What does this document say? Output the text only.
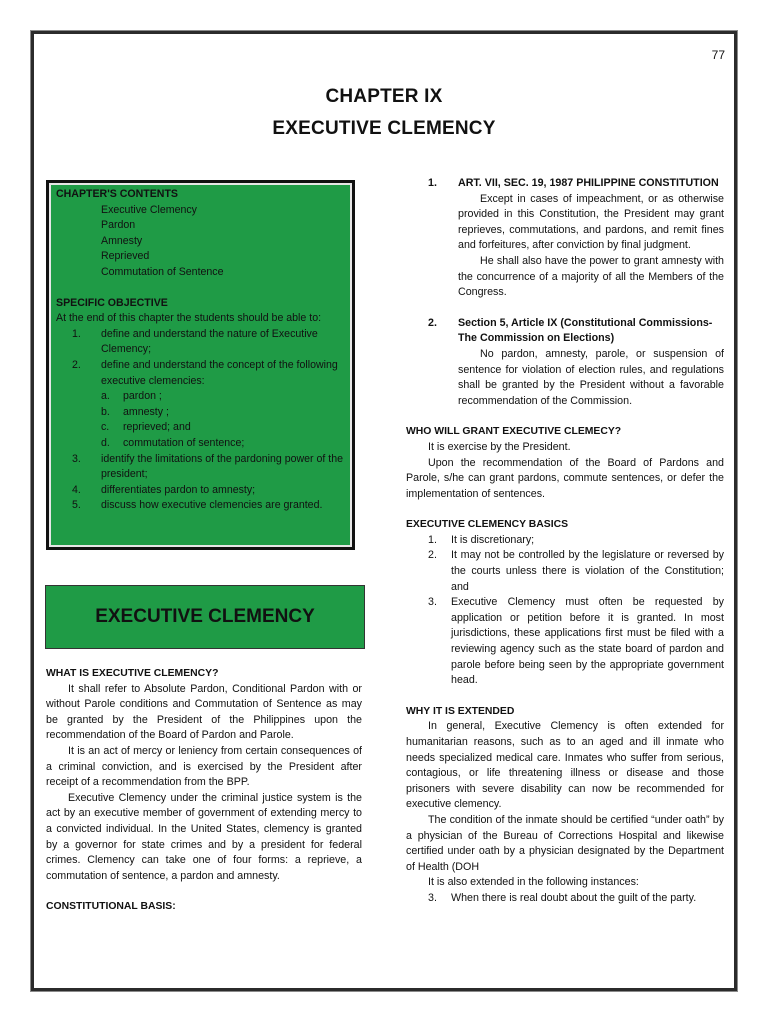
77
CHAPTER IX
EXECUTIVE CLEMENCY
CHAPTER'S CONTENTS
Executive Clemency
Pardon
Amnesty
Reprieved
Commutation of Sentence
SPECIFIC OBJECTIVE
At the end of this chapter the students should be able to:
1.	define and understand the nature of Executive Clemency;
2.	define and understand the concept of the following executive clemencies:
a.	pardon ;
b.	amnesty ;
c.	reprieved; and
d.	commutation of sentence;
3.	identify the limitations of the pardoning power of the president;
4.	differentiates pardon to amnesty;
5.	discuss how executive clemencies are granted.
EXECUTIVE CLEMENCY

WHAT IS EXECUTIVE CLEMENCY?

It shall refer to Absolute Pardon, Conditional Pardon with or without Parole conditions and Commutation of Sentence as may be granted by the President of the Philippines upon the recommendation of the Board of Pardon and Parole.

It is an act of mercy or leniency from certain consequences of a criminal conviction, and is exercised by the President after receipt of a recommendation from the BPP.

Executive Clemency under the criminal justice system is the act by an executive member of government of extending mercy to a convicted individual. In the United States, clemency is granted by a governor for state crimes and by a president for federal crimes. Clemency can take one of four forms: a reprieve, a commutation of sentence, a pardon and amnesty.

CONSTITUTIONAL BASIS:

1.	ART. VII, SEC. 19, 1987 PHILIPPINE CONSTITUTION

Except in cases of impeachment, or as otherwise provided in this Constitution, the President may grant reprieves, commutations, and pardons, and remit fines and forfeitures, after conviction by final judgment.

He shall also have the power to grant amnesty with the concurrence of a majority of all the Members of the Congress.

2.	Section 5, Article IX (Constitutional Commissions- The Commission on Elections)

No pardon, amnesty, parole, or suspension of sentence for violation of election rules, and regulations shall be granted by the President without a favorable recommendation of the Commission.

WHO WILL GRANT EXECUTIVE CLEMECY?

It is exercise by the President.

Upon the recommendation of the Board of Pardons and Parole, s/he can grant pardons, commute sentences, or defer the implementation of sentences.

EXECUTIVE CLEMENCY BASICS

1.	It is discretionary;

2.	It may not be controlled by the legislature or reversed by the courts unless there is violation of the Constitution; and

3.	Executive Clemency must often be requested by application or petition before it is granted. In most jurisdictions, these applications first must be filed with a reviewing agency such as the state board of pardon and parole before being seen by the appropriate government head.

WHY IT IS EXTENDED

In general, Executive Clemency is often extended for humanitarian reasons, such as to an aged and ill inmate who needs specialized medical care. Inmates who suffer from serious, contagious, or life threatening illness or disease and those prisoners with severe disability can now be recommended for executive clemency.

The condition of the inmate should be certified “under oath” by a physician of the Bureau of Corrections Hospital and likewise certified under oath by a physician designated by the Department of Health (DOH

It is also extended in the following instances:

3.	When there is real doubt about the guilt of the party.
